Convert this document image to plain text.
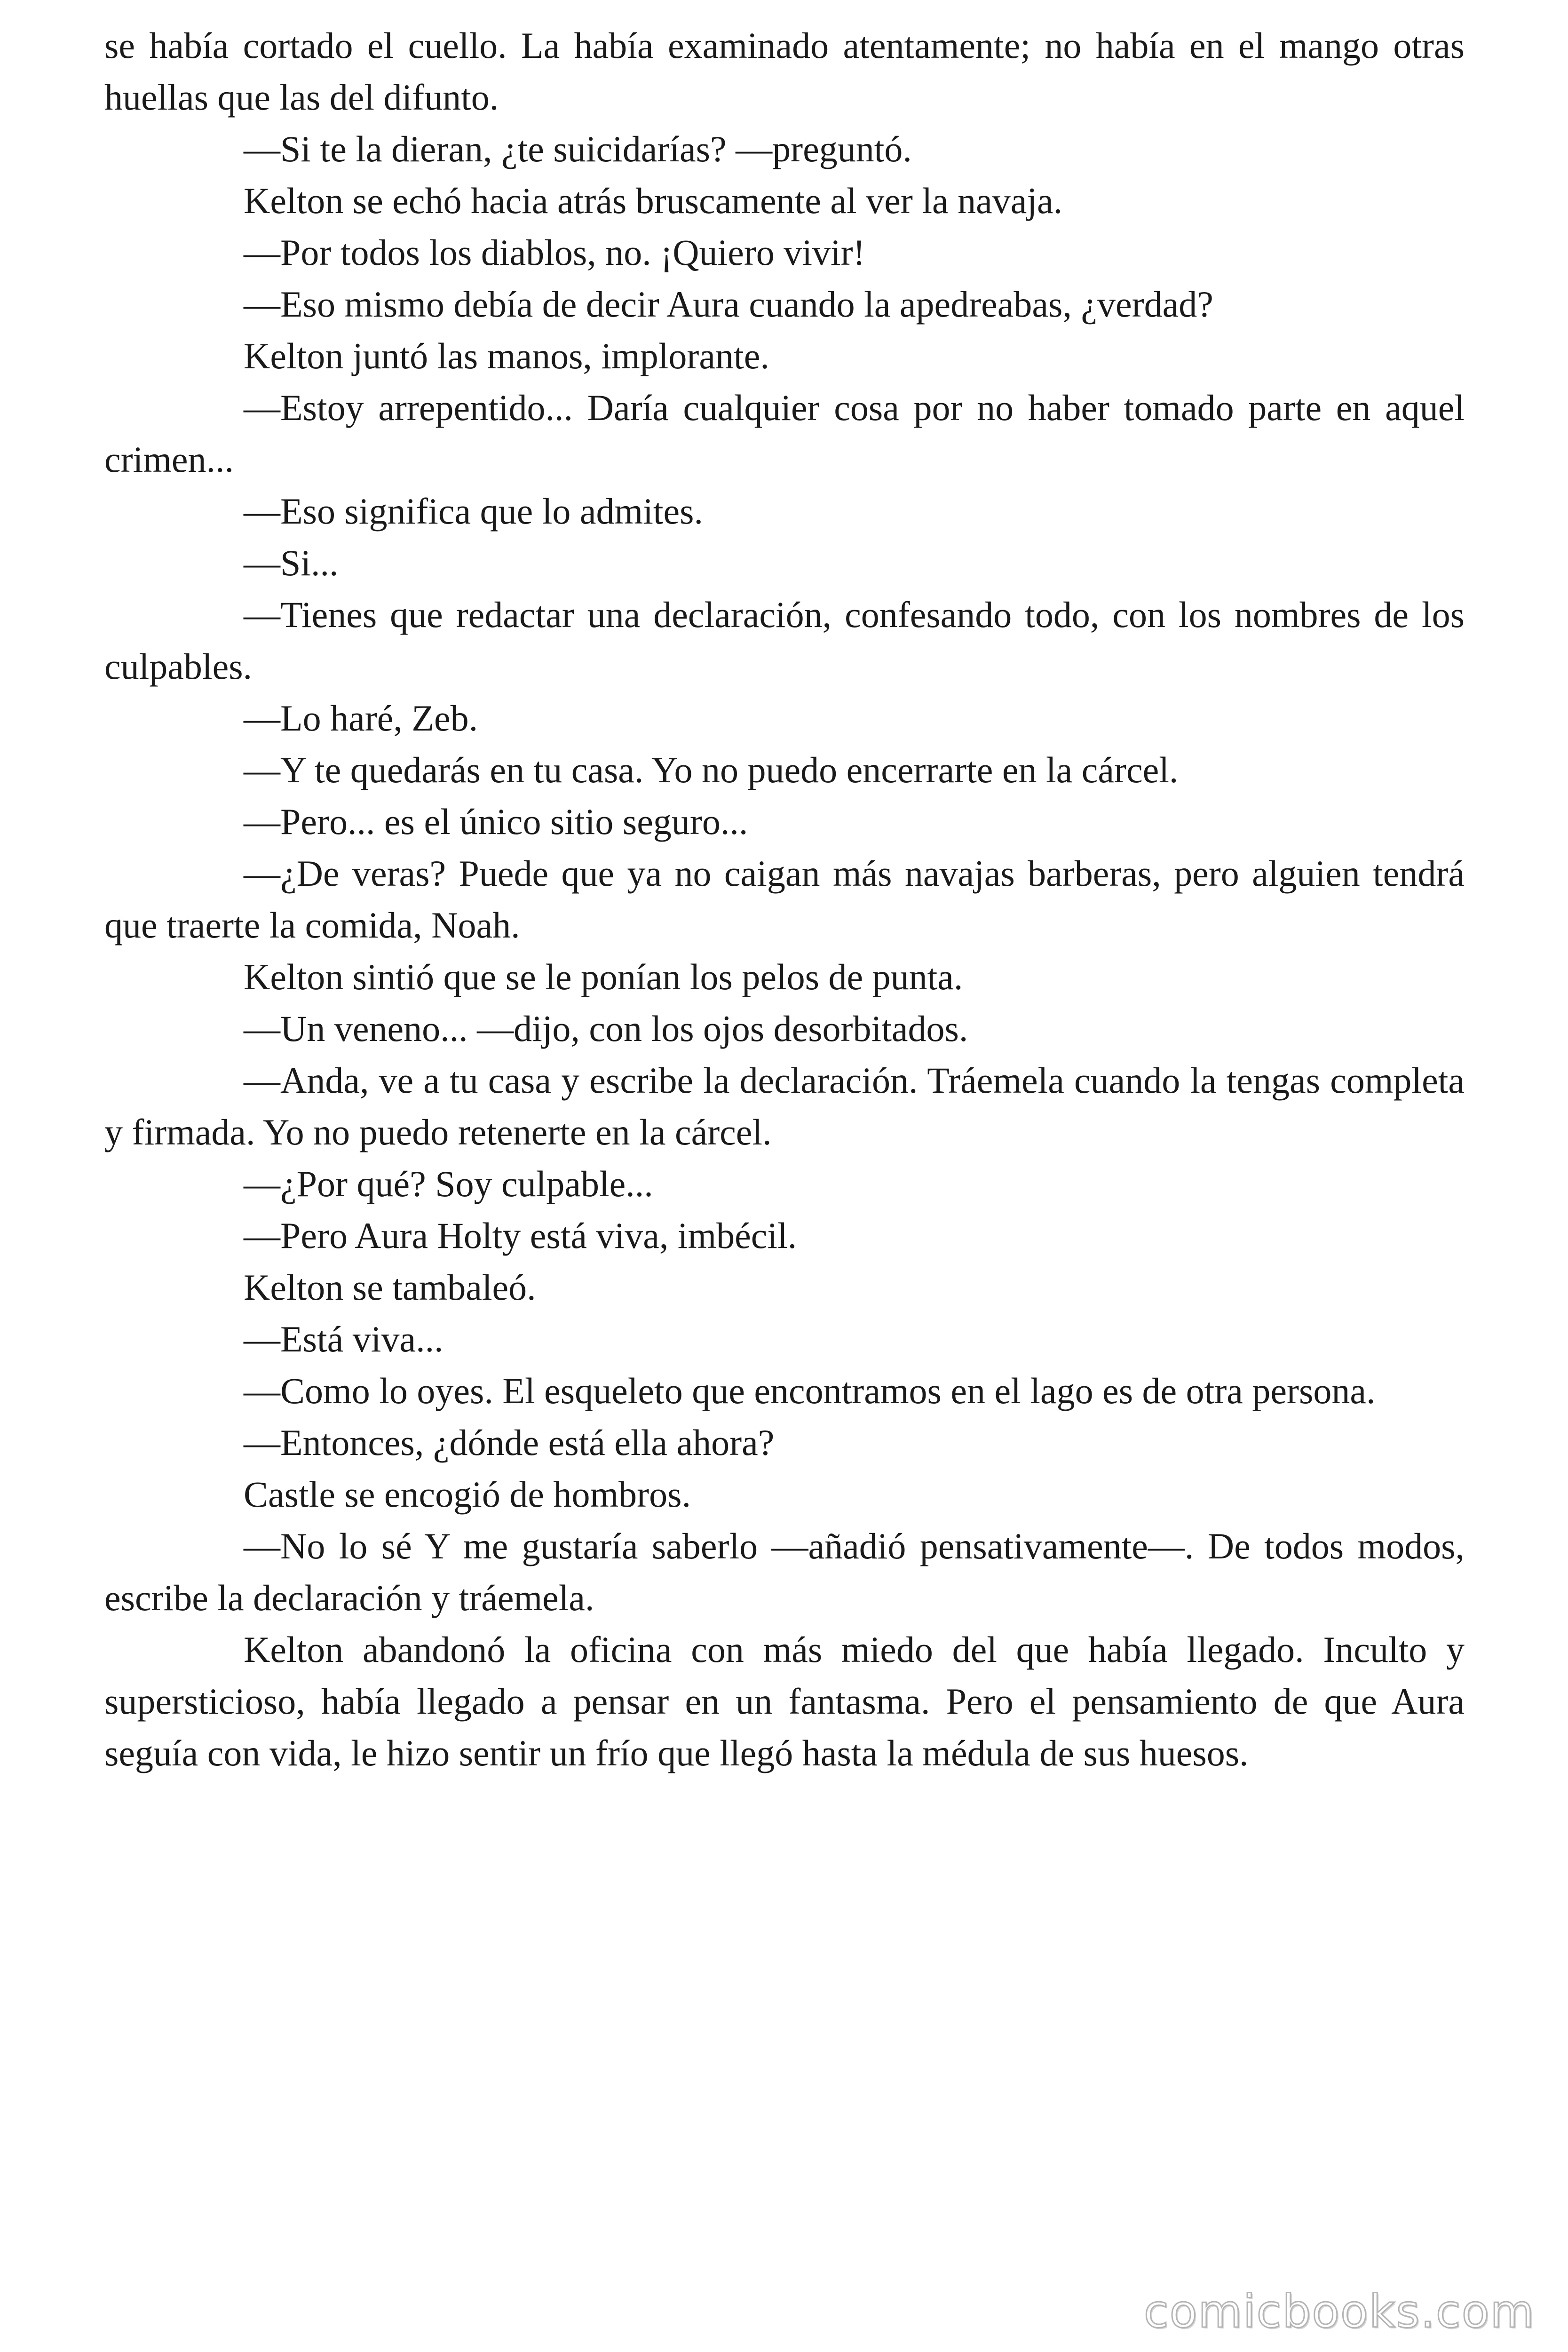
se había cortado el cuello. La había examinado atentamente; no había en el mango otras huellas que las del difunto.

—Si te la dieran, ¿te suicidarías? —preguntó.

Kelton se echó hacia atrás bruscamente al ver la navaja.

—Por todos los diablos, no. ¡Quiero vivir!

—Eso mismo debía de decir Aura cuando la apedreabas, ¿verdad?

Kelton juntó las manos, implorante.

—Estoy arrepentido... Daría cualquier cosa por no haber tomado parte en aquel crimen...

—Eso significa que lo admites.

—Si...

—Tienes que redactar una declaración, confesando todo, con los nombres de los culpables.

—Lo haré, Zeb.

—Y te quedarás en tu casa. Yo no puedo encerrarte en la cárcel.

—Pero... es el único sitio seguro...

—¿De veras? Puede que ya no caigan más navajas barberas, pero alguien tendrá que traerte la comida, Noah.

Kelton sintió que se le ponían los pelos de punta.

—Un veneno... —dijo, con los ojos desorbitados.

—Anda, ve a tu casa y escribe la declaración. Tráemela cuando la tengas completa y firmada. Yo no puedo retenerte en la cárcel.

—¿Por qué? Soy culpable...

—Pero Aura Holty está viva, imbécil.

Kelton se tambaleó.

—Está viva...

—Como lo oyes. El esqueleto que encontramos en el lago es de otra persona.

—Entonces, ¿dónde está ella ahora?

Castle se encogió de hombros.

—No lo sé Y me gustaría saberlo —añadió pensativamente—. De todos modos, escribe la declaración y tráemela.

Kelton abandonó la oficina con más miedo del que había llegado. Inculto y supersticioso, había llegado a pensar en un fantasma. Pero el pensamiento de que Aura seguía con vida, le hizo sentir un frío que llegó hasta la médula de sus huesos.

comicbooks.com
